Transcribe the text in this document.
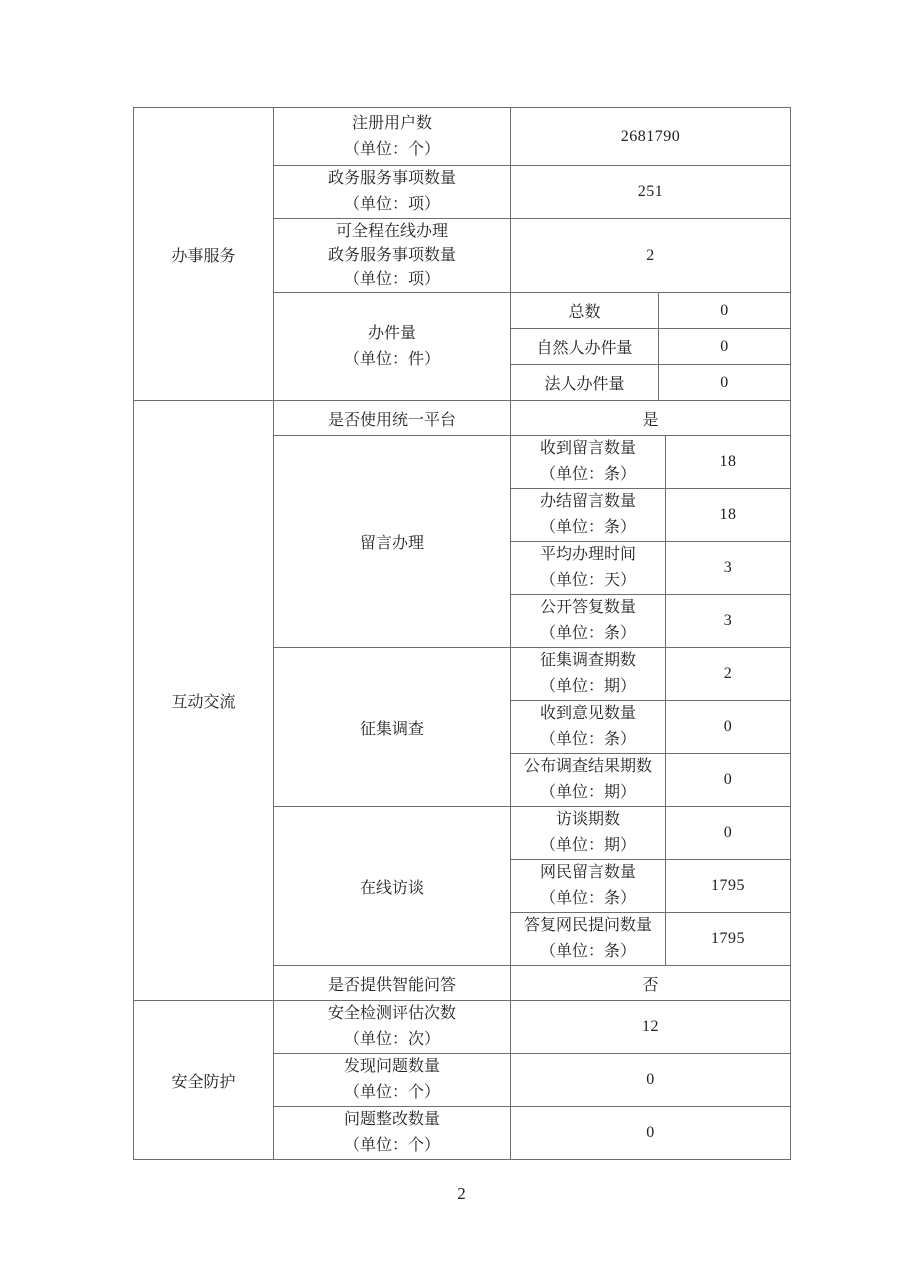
办事服务	注册用户数
（单位：个）	2681790		

	政务服务事项数量
（单位：项）	251		

	可全程在线办理
政务服务事项数量
（单位：项）	2		

	办件量
（单位：件）	总数	0	
		自然人办件量	0	
		法人办件量	0	
互动交流	是否使用统一平台	是		
	留言办理	收到留言数量
（单位：条）		18

		办结留言数量
（单位：条）		18

		平均办理时间
（单位：天）		3

		公开答复数量
（单位：条）		3
	征集调查	征集调查期数
（单位：期）		2

		收到意见数量
（单位：条）		0

		公布调查结果期数
（单位：期）		0
	在线访谈	访谈期数
（单位：期）		0

		网民留言数量
（单位：条）		1795

		答复网民提问数量
（单位：条）		1795
	是否提供智能问答	否		
安全防护	安全检测评估次数
（单位：次）	12		

	发现问题数量
（单位：个）	0		

	问题整改数量
（单位：个）	0		
2
